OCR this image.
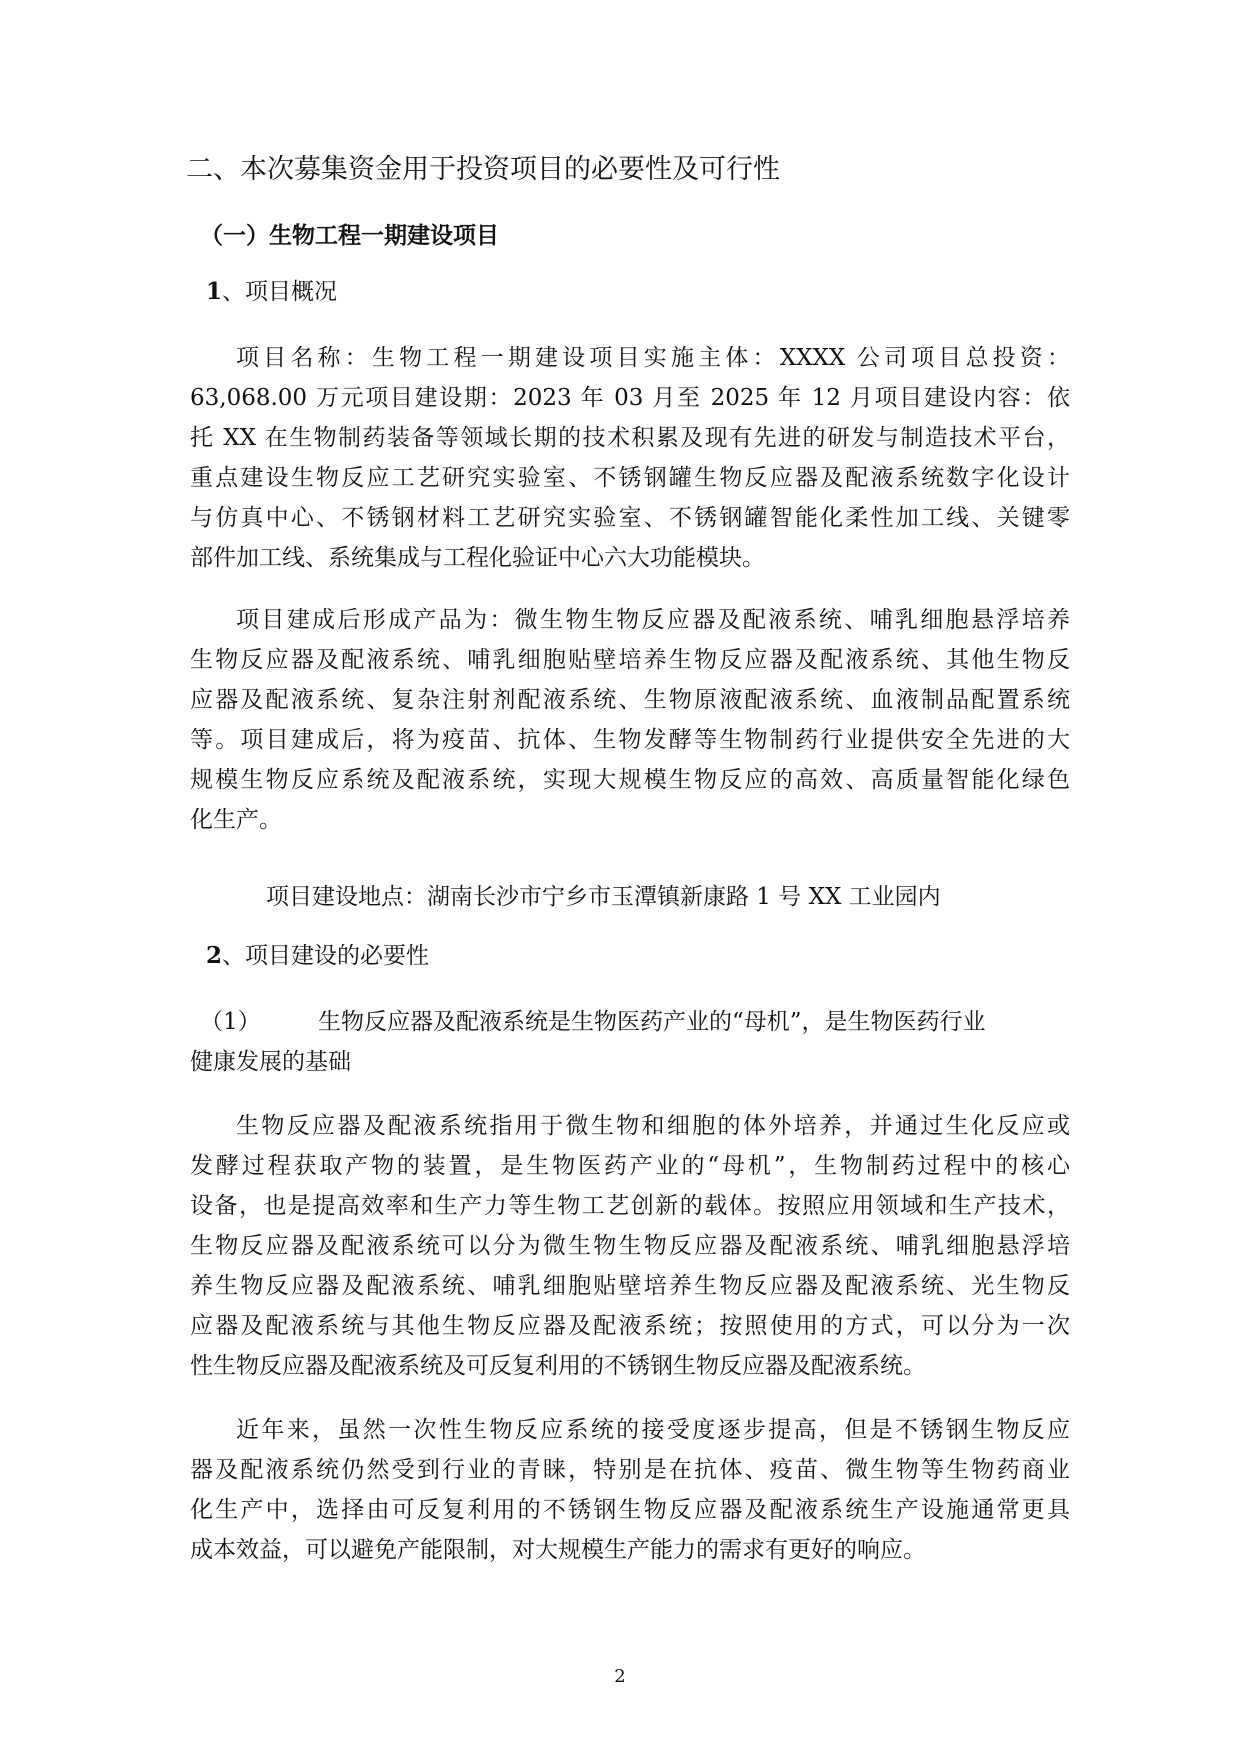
二、本次募集资金用于投资项目的必要性及可行性
（一）生物工程一期建设项目
1、项目概况
项目名称：生物工程一期建设项目实施主体：XXXX 公司项目总投资：
63,068.00 万元项目建设期：2023 年 03 月至 2025 年 12 月项目建设内容：依
托 XX 在生物制药装备等领域长期的技术积累及现有先进的研发与制造技术平台，
重点建设生物反应工艺研究实验室、不锈钢罐生物反应器及配液系统数字化设计
与仿真中心、不锈钢材料工艺研究实验室、不锈钢罐智能化柔性加工线、关键零
部件加工线、系统集成与工程化验证中心六大功能模块。
项目建成后形成产品为：微生物生物反应器及配液系统、哺乳细胞悬浮培养
生物反应器及配液系统、哺乳细胞贴壁培养生物反应器及配液系统、其他生物反
应器及配液系统、复杂注射剂配液系统、生物原液配液系统、血液制品配置系统
等。项目建成后，将为疫苗、抗体、生物发酵等生物制药行业提供安全先进的大
规模生物反应系统及配液系统，实现大规模生物反应的高效、高质量智能化绿色
化生产。

项目建设地点：湖南长沙市宁乡市玉潭镇新康路 1 号 XX 工业园内

2、项目建设的必要性
（1） 生物反应器及配液系统是生物医药产业的“母机”，是生物医药行业
健康发展的基础
生物反应器及配液系统指用于微生物和细胞的体外培养，并通过生化反应或
发酵过程获取产物的装置，是生物医药产业的“母机”，生物制药过程中的核心
设备，也是提高效率和生产力等生物工艺创新的载体。按照应用领域和生产技术，
生物反应器及配液系统可以分为微生物生物反应器及配液系统、哺乳细胞悬浮培
养生物反应器及配液系统、哺乳细胞贴壁培养生物反应器及配液系统、光生物反
应器及配液系统与其他生物反应器及配液系统；按照使用的方式，可以分为一次
性生物反应器及配液系统及可反复利用的不锈钢生物反应器及配液系统。
近年来，虽然一次性生物反应系统的接受度逐步提高，但是不锈钢生物反应
器及配液系统仍然受到行业的青睐，特别是在抗体、疫苗、微生物等生物药商业
化生产中，选择由可反复利用的不锈钢生物反应器及配液系统生产设施通常更具
成本效益，可以避免产能限制，对大规模生产能力的需求有更好的响应。
2
